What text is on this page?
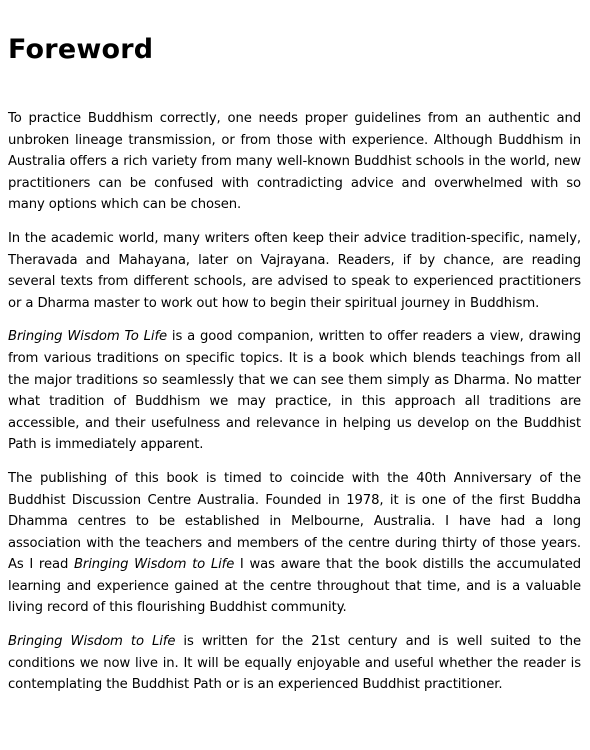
Foreword

To practice Buddhism correctly, one needs proper guidelines from an authentic and unbroken lineage transmission, or from those with experience. Although Buddhism in Australia offers a rich variety from many well-known Buddhist schools in the world, new practitioners can be confused with contradicting advice and overwhelmed with so many options which can be chosen.

In the academic world, many writers often keep their advice tradition-specific, namely, Theravada and Mahayana, later on Vajrayana. Readers, if by chance, are reading several texts from different schools, are advised to speak to experienced practitioners or a Dharma master to work out how to begin their spiritual journey in Buddhism.

Bringing Wisdom To Life is a good companion, written to offer readers a view, drawing from various traditions on specific topics. It is a book which blends teachings from all the major traditions so seamlessly that we can see them simply as Dharma. No matter what tradition of Buddhism we may practice, in this approach all traditions are accessible, and their usefulness and relevance in helping us develop on the Buddhist Path is immediately apparent.

The publishing of this book is timed to coincide with the 40th Anniversary of the Buddhist Discussion Centre Australia. Founded in 1978, it is one of the first Buddha Dhamma centres to be established in Melbourne, Australia. I have had a long association with the teachers and members of the centre during thirty of those years. As I read Bringing Wisdom to Life I was aware that the book distills the accumulated learning and experience gained at the centre throughout that time, and is a valuable living record of this flourishing Buddhist community.

Bringing Wisdom to Life is written for the 21st century and is well suited to the conditions we now live in. It will be equally enjoyable and useful whether the reader is contemplating the Buddhist Path or is an experienced Buddhist practitioner.
